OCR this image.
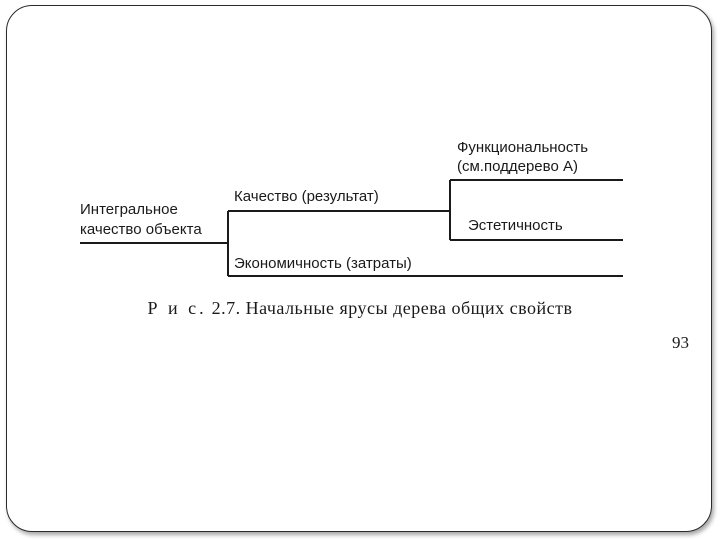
Интегральное
качество объекта
Качество (результат)
Экономичность (затраты)
Функциональность
(см.поддерево А)
Эстетичность
Р и с. 2.7. Начальные ярусы дерева общих свойств
93
